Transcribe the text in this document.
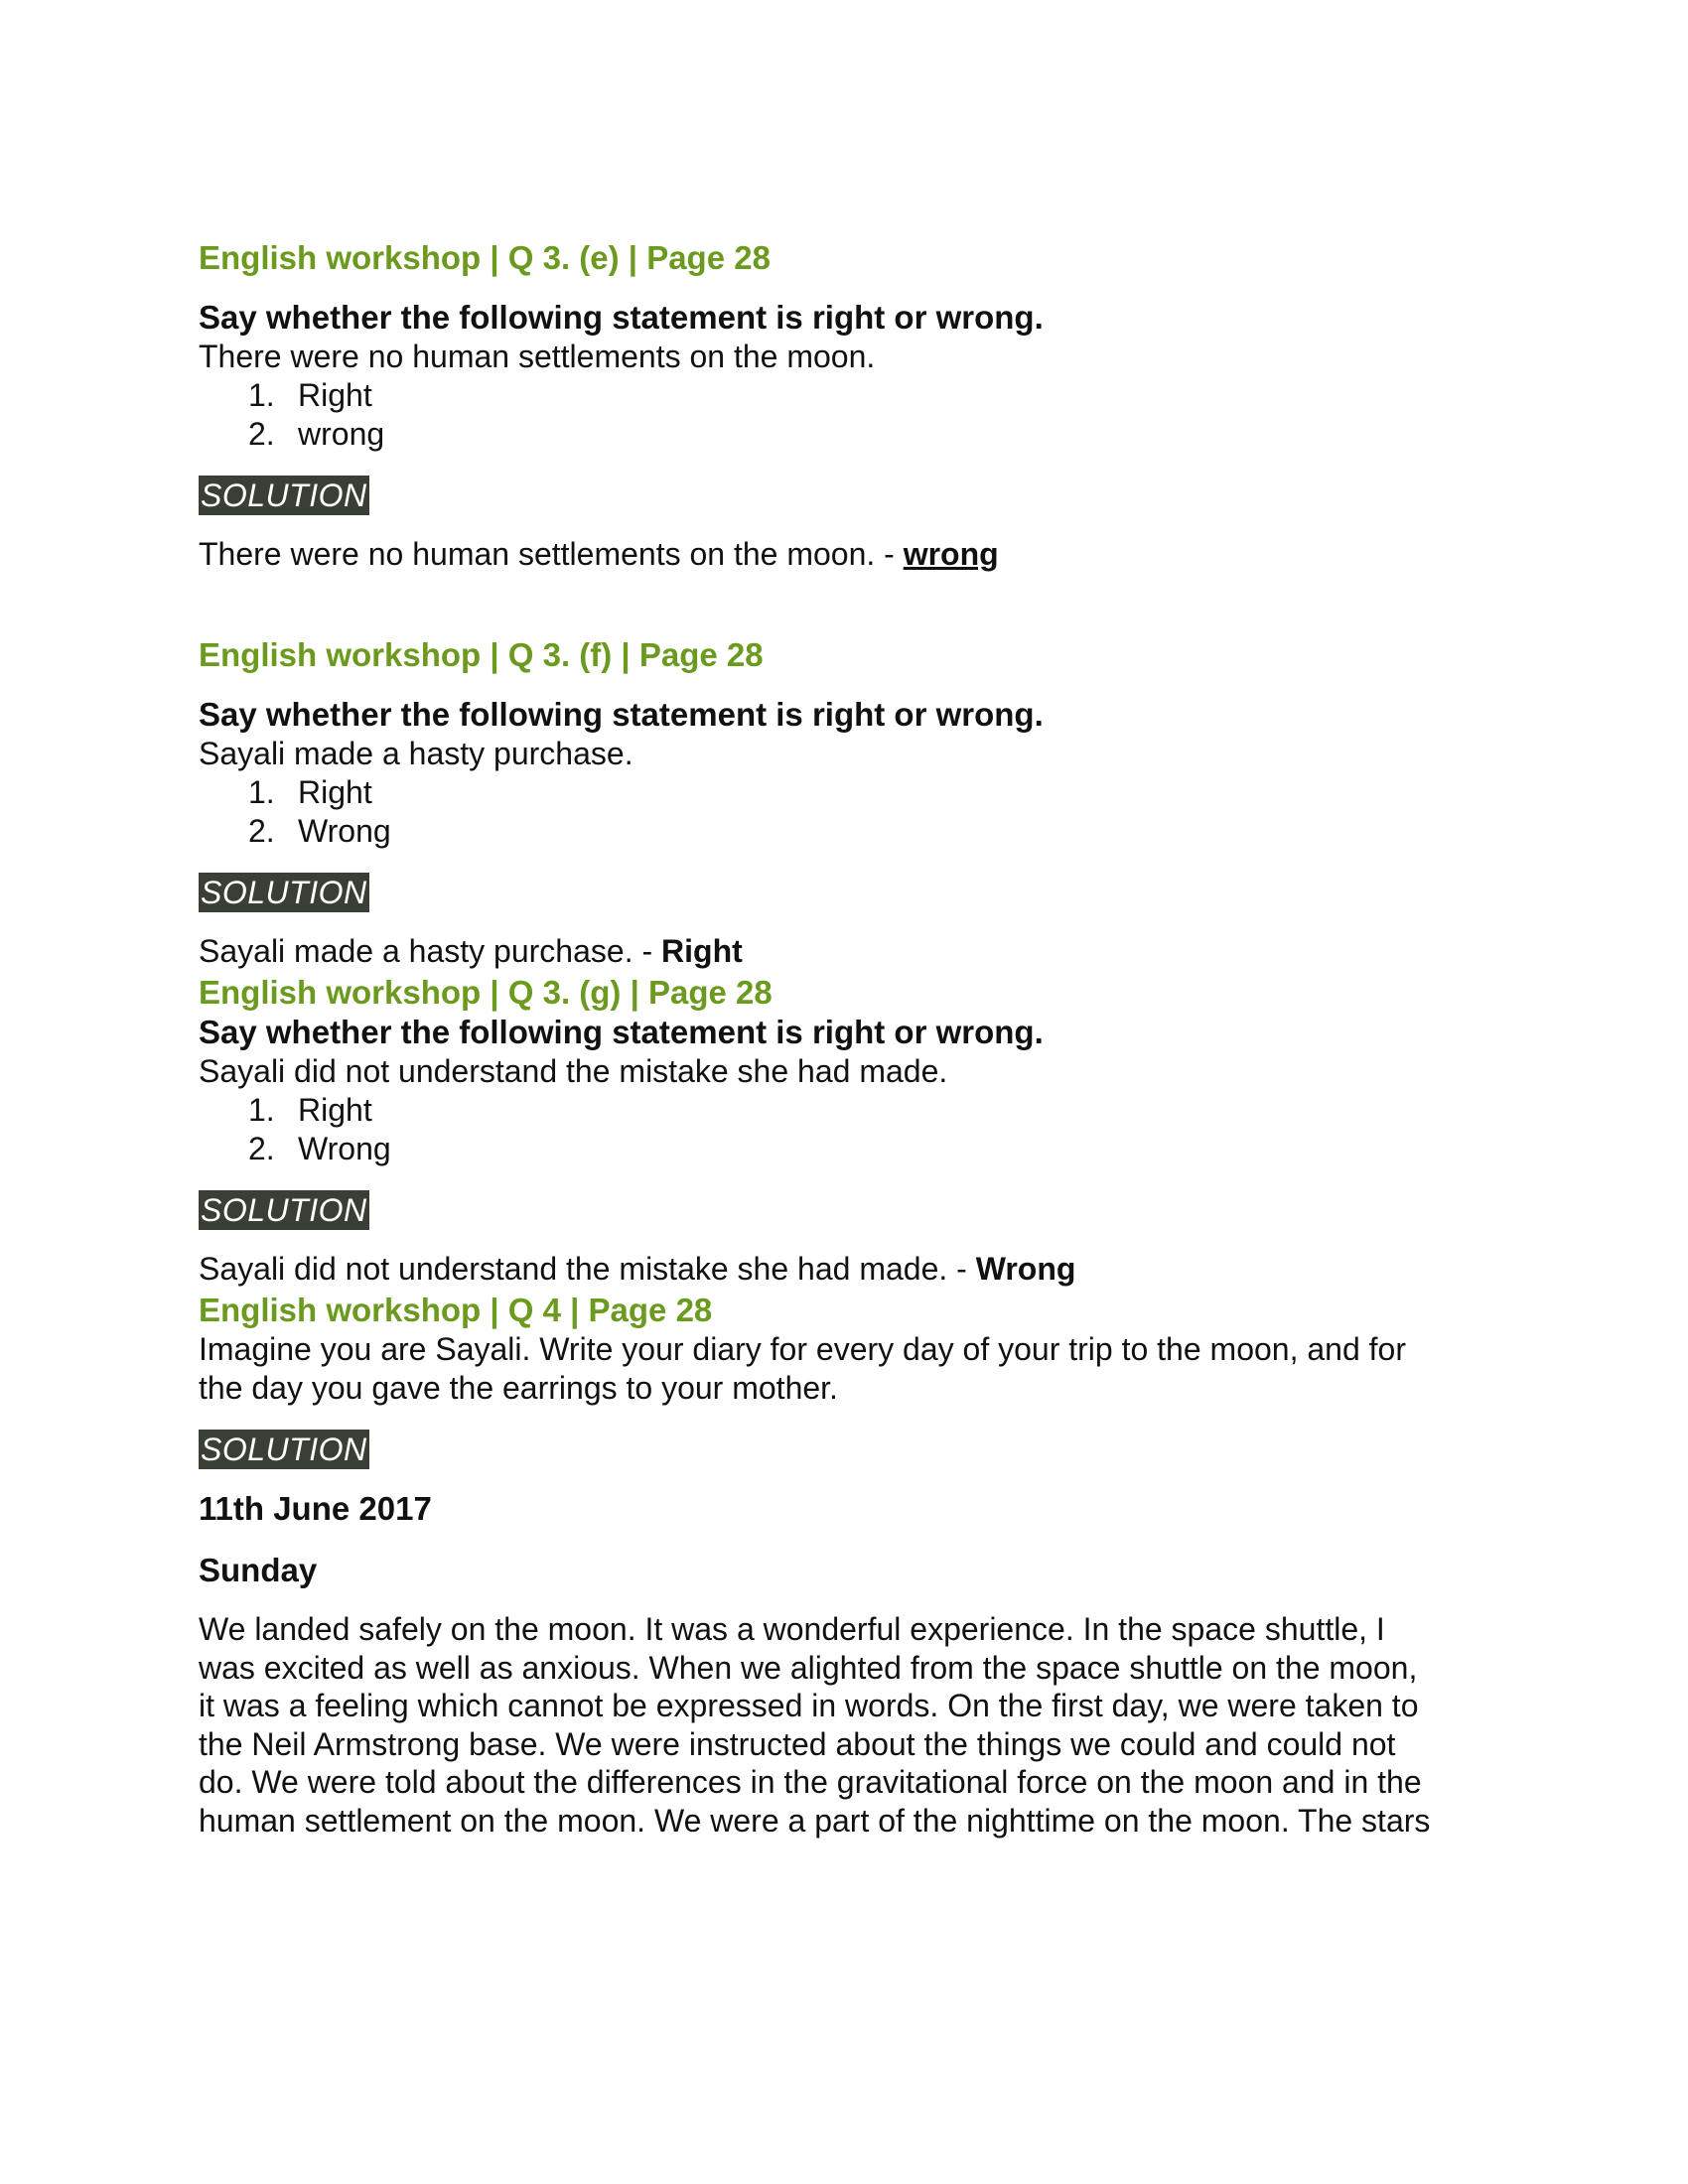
English workshop | Q 3. (e) | Page 28

Say whether the following statement is right or wrong.

There were no human settlements on the moon.

1. Right
2. wrong
SOLUTION

There were no human settlements on the moon. - wrong

English workshop | Q 3. (f) | Page 28

Say whether the following statement is right or wrong.

Sayali made a hasty purchase.

1. Right
2. Wrong
SOLUTION

Sayali made a hasty purchase. - Right

English workshop | Q 3. (g) | Page 28

Say whether the following statement is right or wrong.

Sayali did not understand the mistake she had made.

1. Right
2. Wrong
SOLUTION

Sayali did not understand the mistake she had made. - Wrong

English workshop | Q 4 | Page 28

Imagine you are Sayali. Write your diary for every day of your trip to the moon, and for

the day you gave the earrings to your mother.

SOLUTION

11th June 2017

Sunday

We landed safely on the moon. It was a wonderful experience. In the space shuttle, I

was excited as well as anxious. When we alighted from the space shuttle on the moon,

it was a feeling which cannot be expressed in words. On the first day, we were taken to

the Neil Armstrong base. We were instructed about the things we could and could not

do. We were told about the differences in the gravitational force on the moon and in the

human settlement on the moon. We were a part of the nighttime on the moon. The stars
